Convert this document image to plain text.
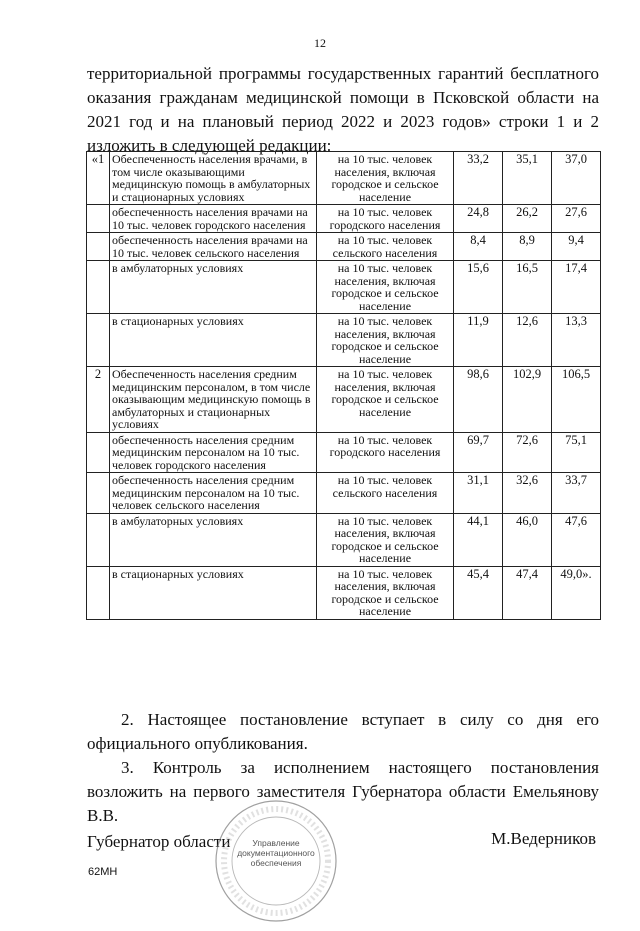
12
территориальной программы государственных гарантий бесплатного оказания гражданам медицинской помощи в Псковской области на 2021 год и на плановый период 2022 и 2023 годов» строки 1 и 2 изложить в следующей редакции:
«1	Обеспеченность населения врачами, в том числе оказывающими медицинскую помощь в амбулаторных и стационарных условиях	на 10 тыс. человек населения, включая городское и сельское население	33,2	35,1	37,0
	обеспеченность населения врачами на 10 тыс. человек городского населения	на 10 тыс. человек городского населения	24,8	26,2	27,6
	обеспеченность населения врачами на 10 тыс. человек сельского населения	на 10 тыс. человек сельского населения	8,4	8,9	9,4
	в амбулаторных условиях	на 10 тыс. человек населения, включая городское и сельское население	15,6	16,5	17,4
	в стационарных условиях	на 10 тыс. человек населения, включая городское и сельское население	11,9	12,6	13,3
2	Обеспеченность населения средним медицинским персоналом, в том числе оказывающим медицинскую помощь в амбулаторных и стационарных условиях	на 10 тыс. человек населения, включая городское и сельское население	98,6	102,9	106,5
	обеспеченность населения средним медицинским персоналом на 10 тыс. человек городского населения	на 10 тыс. человек городского населения	69,7	72,6	75,1
	обеспеченность населения средним медицинским персоналом на 10 тыс. человек сельского населения	на 10 тыс. человек сельского населения	31,1	32,6	33,7
	в амбулаторных условиях	на 10 тыс. человек населения, включая городское и сельское население	44,1	46,0	47,6
	в стационарных условиях	на 10 тыс. человек населения, включая городское и сельское население	45,4	47,4	49,0».
2. Настоящее постановление вступает в силу со дня его официального опубликования.
3. Контроль за исполнением настоящего постановления возложить на первого заместителя Губернатора области Емельянову В.В.
Губернатор области	М.Ведерников
62МН
Управление
документационного
обеспечения
